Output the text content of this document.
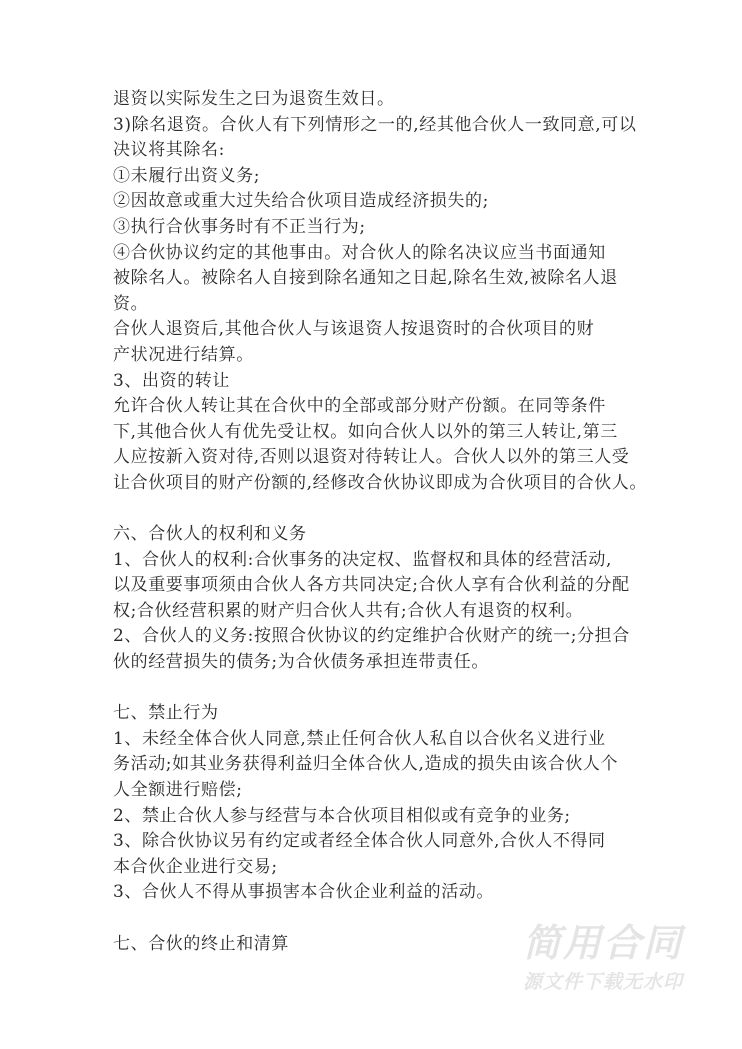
退资以实际发生之曰为退资生效日。
3)除名退资。合伙人有下列情形之一的,经其他合伙人一致同意,可以
决议将其除名:
①未履行出资义务;
②因故意或重大过失给合伙项目造成经济损失的;
③执行合伙事务时有不正当行为;
④合伙协议约定的其他事由。对合伙人的除名决议应当书面通知
被除名人。被除名人自接到除名通知之日起,除名生效,被除名人退
资。
合伙人退资后,其他合伙人与该退资人按退资时的合伙项目的财
产状况进行结算。
3、出资的转让
允许合伙人转让其在合伙中的全部或部分财产份额。在同等条件
下,其他合伙人有优先受让权。如向合伙人以外的第三人转让,第三
人应按新入资对待,否则以退资对待转让人。合伙人以外的第三人受
让合伙项目的财产份额的,经修改合伙协议即成为合伙项目的合伙人。
六、合伙人的权利和义务
1、合伙人的权利:合伙事务的决定权、监督权和具体的经营活动,
以及重要事项须由合伙人各方共同决定;合伙人享有合伙利益的分配
权;合伙经营积累的财产归合伙人共有;合伙人有退资的权利。
2、合伙人的义务:按照合伙协议的约定维护合伙财产的统一;分担合
伙的经营损失的债务;为合伙债务承担连带责任。
七、禁止行为
1、未经全体合伙人同意,禁止任何合伙人私自以合伙名义进行业
务活动;如其业务获得利益归全体合伙人,造成的损失由该合伙人个
人全额进行赔偿;
2、禁止合伙人参与经营与本合伙项目相似或有竞争的业务;
3、除合伙协议另有约定或者经全体合伙人同意外,合伙人不得同
本合伙企业进行交易;
3、合伙人不得从事损害本合伙企业利益的活动。
七、合伙的终止和清算	简用合同
源文件下载无水印
